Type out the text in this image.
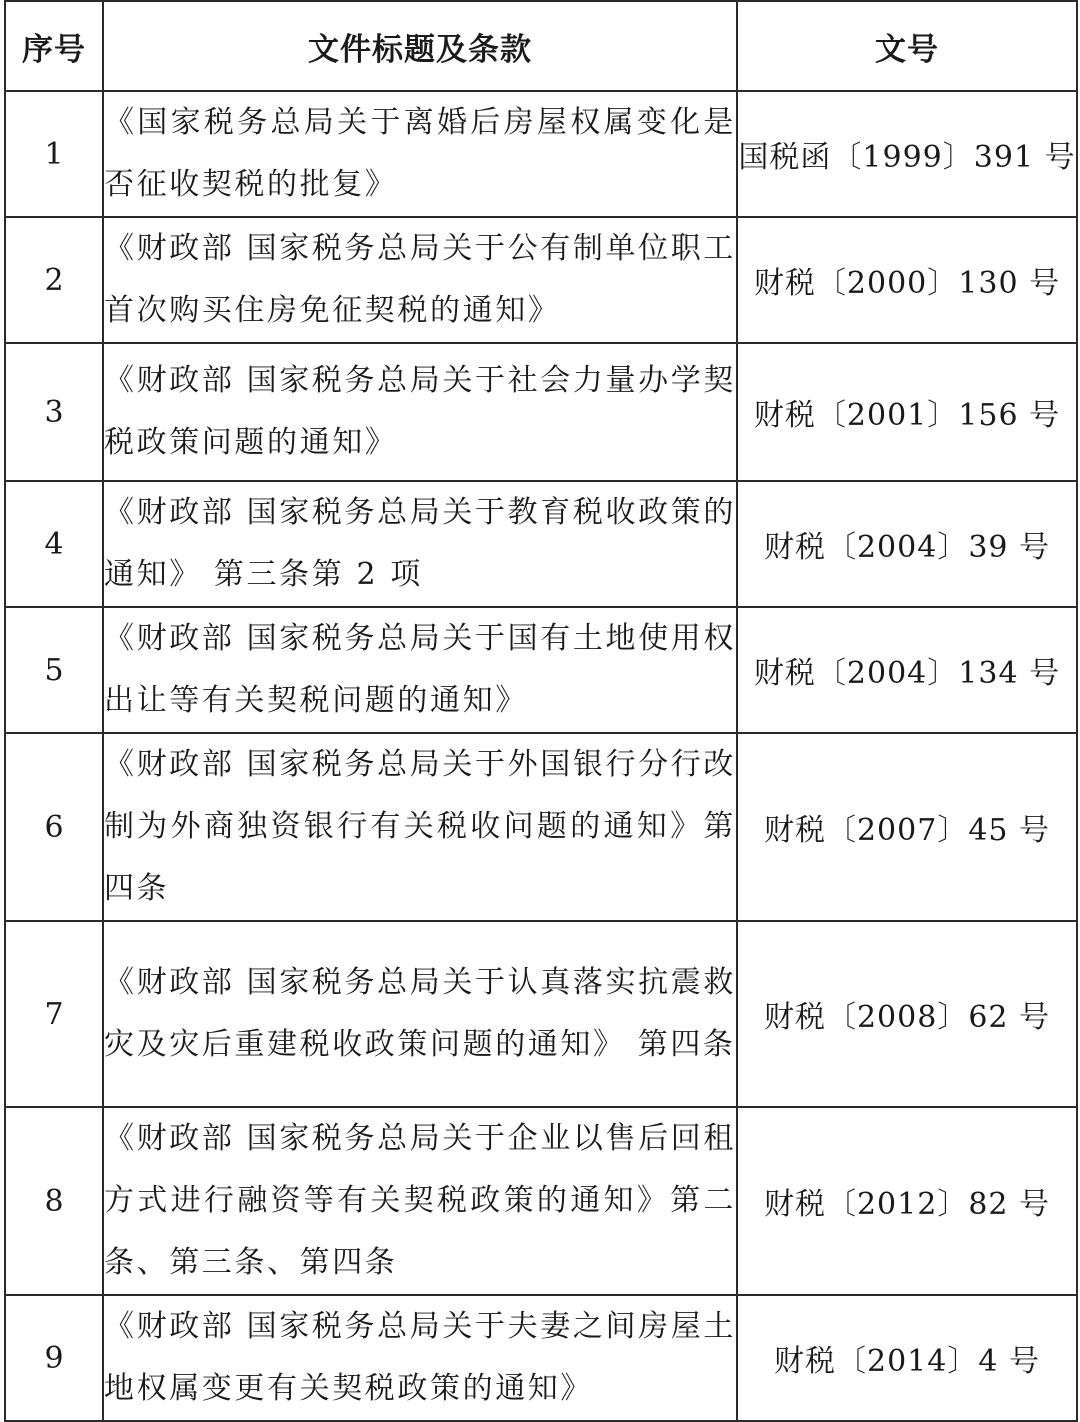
序号	文件标题及条款	文号
1	《国家税务总局关于离婚后房屋权属变化是否征收契税的批复》	国税函〔1999〕391 号
2	《财政部 国家税务总局关于公有制单位职工首次购买住房免征契税的通知》	财税〔2000〕130 号
3	《财政部 国家税务总局关于社会力量办学契税政策问题的通知》	财税〔2001〕156 号
4	《财政部 国家税务总局关于教育税收政策的通知》 第三条第 2 项	财税〔2004〕39 号
5	《财政部 国家税务总局关于国有土地使用权出让等有关契税问题的通知》	财税〔2004〕134 号
6	《财政部 国家税务总局关于外国银行分行改制为外商独资银行有关税收问题的通知》第四条	财税〔2007〕45 号
7	《财政部 国家税务总局关于认真落实抗震救灾及灾后重建税收政策问题的通知》 第四条	财税〔2008〕62 号
8	《财政部 国家税务总局关于企业以售后回租方式进行融资等有关契税政策的通知》第二条、第三条、第四条	财税〔2012〕82 号
9	《财政部 国家税务总局关于夫妻之间房屋土地权属变更有关契税政策的通知》	财税〔2014〕4 号
